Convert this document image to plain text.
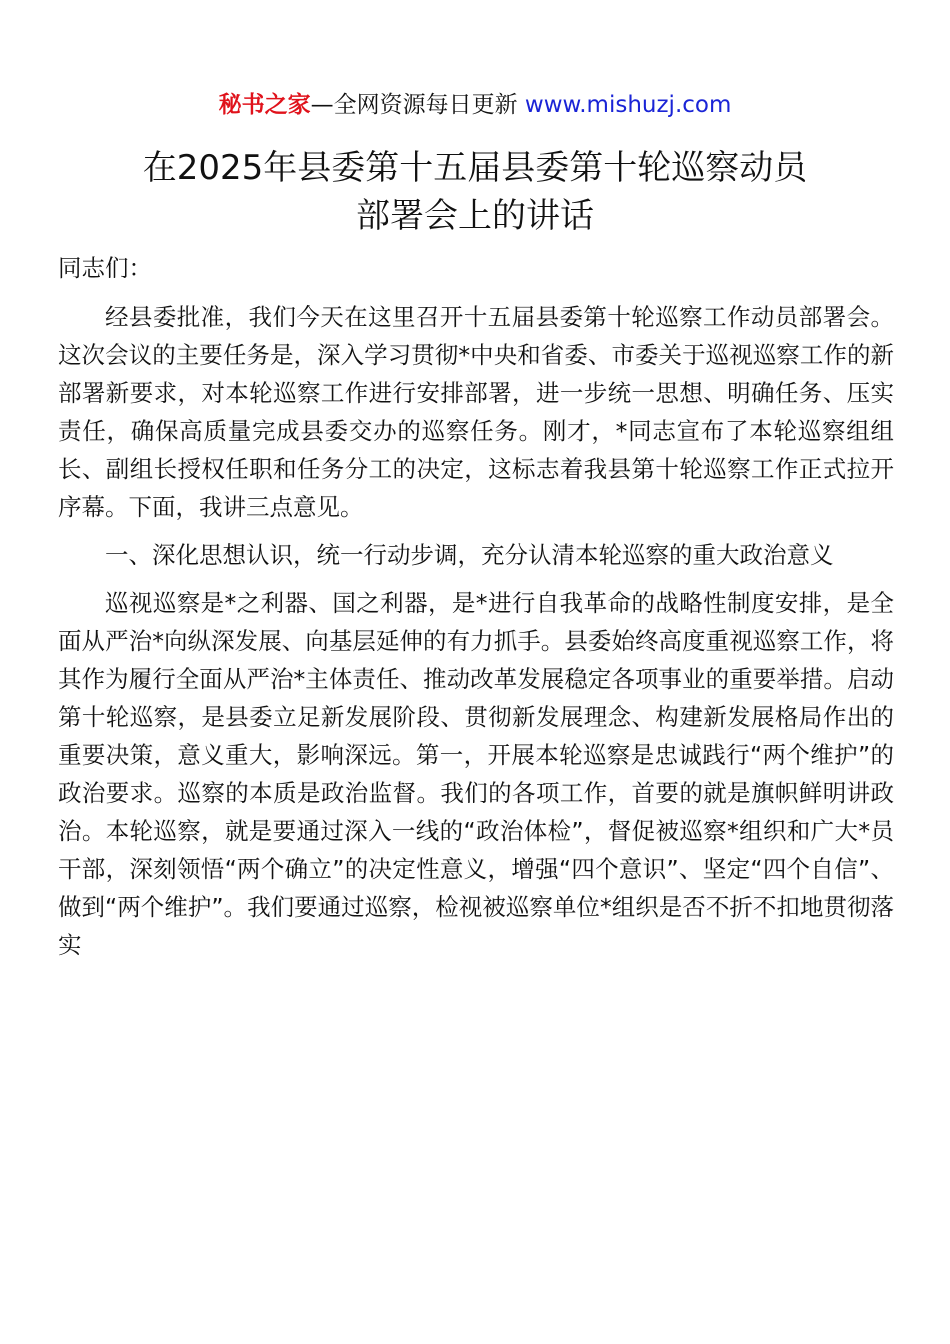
秘书之家—全网资源每日更新 www.mishuzj.com
在2025年县委第十五届县委第十轮巡察动员
部署会上的讲话
同志们：

经县委批准，我们今天在这里召开十五届县委第十轮巡察工作动员部署会。这次会议的主要任务是，深入学习贯彻*中央和省委、市委关于巡视巡察工作的新部署新要求，对本轮巡察工作进行安排部署，进一步统一思想、明确任务、压实责任，确保高质量完成县委交办的巡察任务。刚才，*同志宣布了本轮巡察组组长、副组长授权任职和任务分工的决定，这标志着我县第十轮巡察工作正式拉开序幕。下面，我讲三点意见。

一、深化思想认识，统一行动步调，充分认清本轮巡察的重大政治意义

巡视巡察是*之利器、国之利器，是*进行自我革命的战略性制度安排，是全面从严治*向纵深发展、向基层延伸的有力抓手。县委始终高度重视巡察工作，将其作为履行全面从严治*主体责任、推动改革发展稳定各项事业的重要举措。启动第十轮巡察，是县委立足新发展阶段、贯彻新发展理念、构建新发展格局作出的重要决策，意义重大，影响深远。第一，开展本轮巡察是忠诚践行“两个维护”的政治要求。巡察的本质是政治监督。我们的各项工作，首要的就是旗帜鲜明讲政治。本轮巡察，就是要通过深入一线的“政治体检”，督促被巡察*组织和广大*员干部，深刻领悟“两个确立”的决定性意义，增强“四个意识”、坚定“四个自信”、做到“两个维护”。我们要通过巡察，检视被巡察单位*组织是否不折不扣地贯彻落实
